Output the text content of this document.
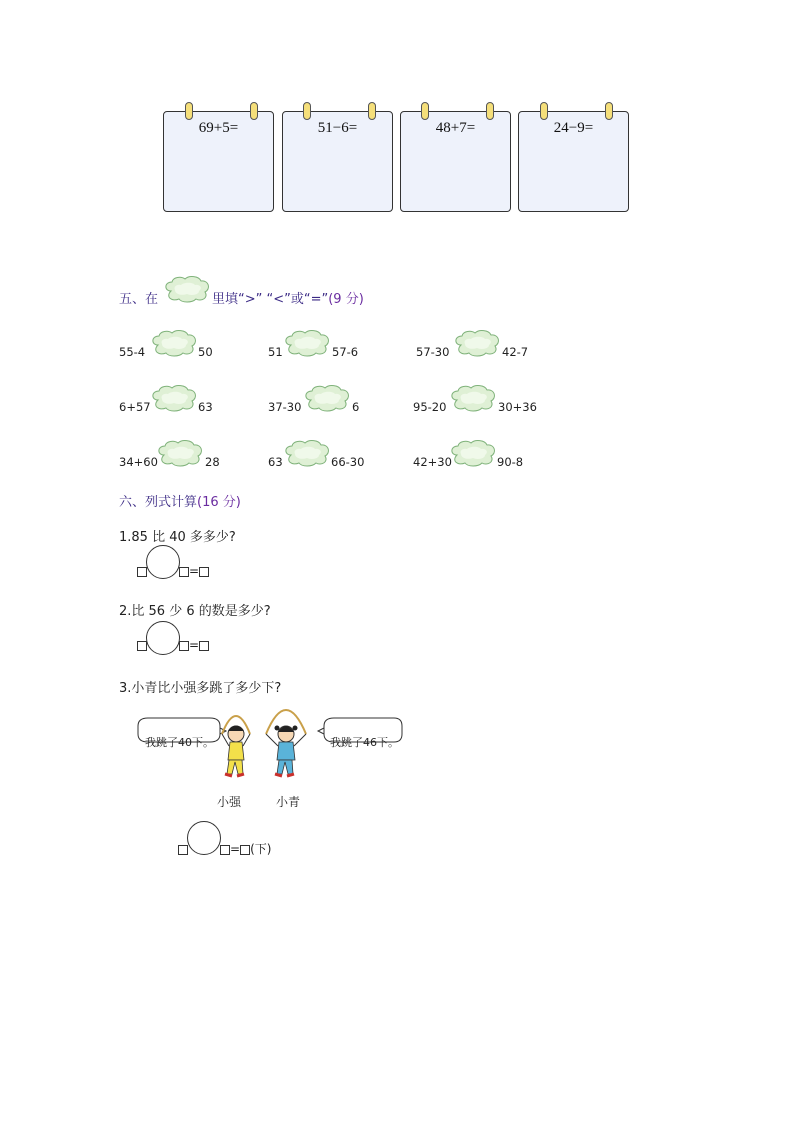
69+5=	51−6=	48+7=	24−9=
五、在	里填“>” “<”或“=”(9 分)
55-4	50	51	57-6	57-30	42-7
6+57	63	37-30	6	95-20	30+36
34+60	28	63	66-30	42+30	90-8
六、列式计算(16 分)
1.85 比 40 多多少?
=
2.比 56 少 6 的数是多少?
=
3.小青比小强多跳了多少下?
我跳了40下。	我跳了46下。
小强	小青
= (下)
